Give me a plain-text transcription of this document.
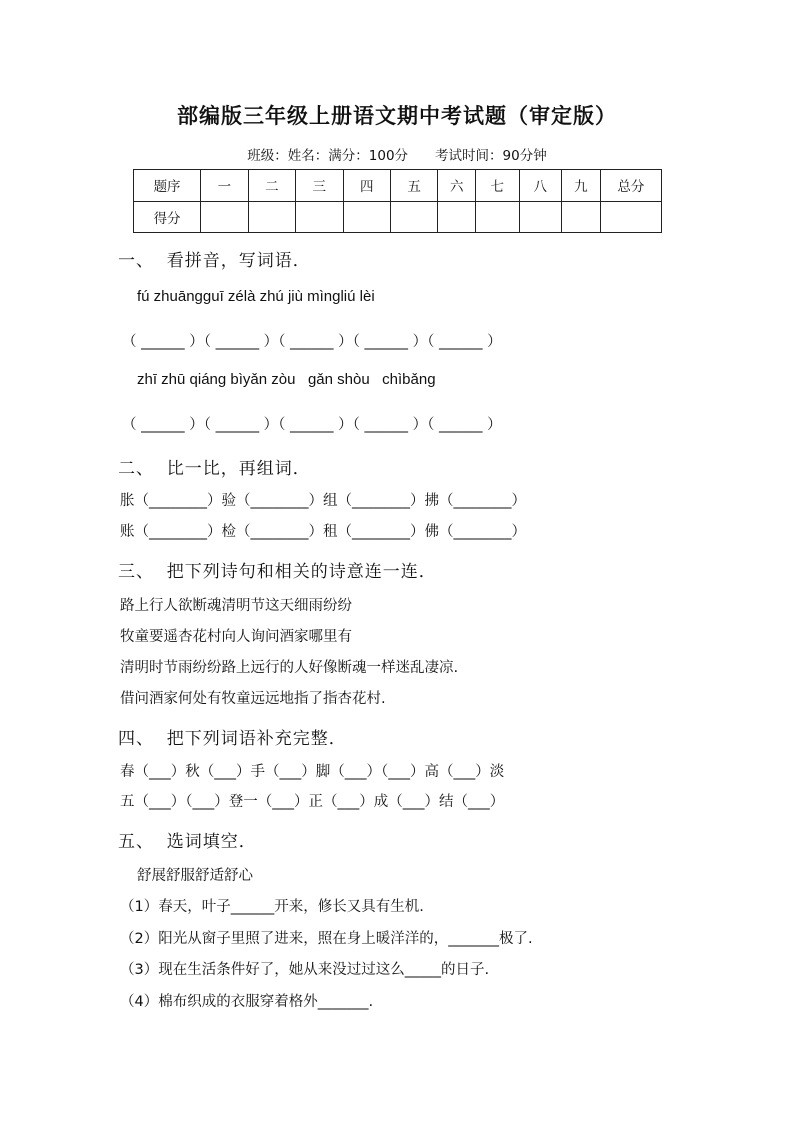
部编版三年级上册语文期中考试题（审定版）
班级：姓名：满分：100分　　考试时间：90分钟
题序	一	二	三	四	五	六	七	八	九	总分
得分										
一、  看拼音，写词语．
fú zhuāngguī zélà zhú jiù mìngliú lèi
（ ______ ）（ ______ ）（ ______ ）（ ______ ）（ ______ ）
zhī zhū qiáng bìyǎn zòu   gǎn shòu   chìbǎng
（ ______ ）（ ______ ）（ ______ ）（ ______ ）（ ______ ）
二、  比一比，再组词．
胀（________）验（________）组（________）拂（________）
账（________）检（________）租（________）佛（________）
三、  把下列诗句和相关的诗意连一连．
路上行人欲断魂清明节这天细雨纷纷
牧童要遥杏花村向人询问酒家哪里有
清明时节雨纷纷路上远行的人好像断魂一样迷乱凄凉.
借问酒家何处有牧童远远地指了指杏花村.
四、  把下列词语补充完整．
春（___）秋（___）手（___）脚（___）（___）高（___）淡
五（___）（___）登一（___）正（___）成（___）结（___）
五、  选词填空．
舒展舒服舒适舒心
（1）春天，叶子______开来，修长又具有生机.
（2）阳光从窗子里照了进来，照在身上暖洋洋的，_______极了.
（3）现在生活条件好了，她从来没过过这么_____的日子.
（4）棉布织成的衣服穿着格外_______.
